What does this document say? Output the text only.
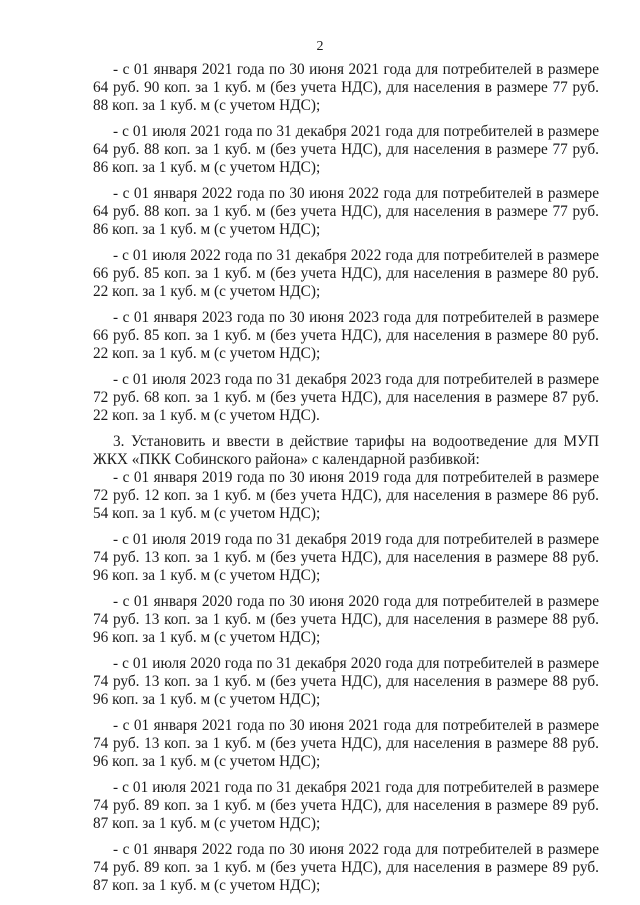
2

- с 01 января 2021 года по 30 июня 2021 года для потребителей в размере 64 руб. 90 коп. за 1 куб. м (без учета НДС), для населения в размере 77 руб. 88 коп. за 1 куб. м (с учетом НДС);

- с 01 июля 2021 года по 31 декабря 2021 года для потребителей в размере 64 руб. 88 коп. за 1 куб. м (без учета НДС), для населения в размере 77 руб. 86 коп. за 1 куб. м (с учетом НДС);

- с 01 января 2022 года по 30 июня 2022 года для потребителей в размере 64 руб. 88 коп. за 1 куб. м (без учета НДС), для населения в размере 77 руб. 86 коп. за 1 куб. м (с учетом НДС);

- с 01 июля 2022 года по 31 декабря 2022 года для потребителей в размере 66 руб. 85 коп. за 1 куб. м (без учета НДС), для населения в размере 80 руб. 22 коп. за 1 куб. м (с учетом НДС);

- с 01 января 2023 года по 30 июня 2023 года для потребителей в размере 66 руб. 85 коп. за 1 куб. м (без учета НДС), для населения в размере 80 руб. 22 коп. за 1 куб. м (с учетом НДС);

- с 01 июля 2023 года по 31 декабря 2023 года для потребителей в размере 72 руб. 68 коп. за 1 куб. м (без учета НДС), для населения в размере 87 руб. 22 коп. за 1 куб. м (с учетом НДС).

3. Установить и ввести в действие тарифы на водоотведение для МУП ЖКХ «ПКК Собинского района» с календарной разбивкой:

- с 01 января 2019 года по 30 июня 2019 года для потребителей в размере 72 руб. 12 коп. за 1 куб. м (без учета НДС), для населения в размере 86 руб. 54 коп. за 1 куб. м (с учетом НДС);

- с 01 июля 2019 года по 31 декабря 2019 года для потребителей в размере 74 руб. 13 коп. за 1 куб. м (без учета НДС), для населения в размере 88 руб. 96 коп. за 1 куб. м (с учетом НДС);

- с 01 января 2020 года по 30 июня 2020 года для потребителей в размере 74 руб. 13 коп. за 1 куб. м (без учета НДС), для населения в размере 88 руб. 96 коп. за 1 куб. м (с учетом НДС);

- с 01 июля 2020 года по 31 декабря 2020 года для потребителей в размере 74 руб. 13 коп. за 1 куб. м (без учета НДС), для населения в размере 88 руб. 96 коп. за 1 куб. м (с учетом НДС);

- с 01 января 2021 года по 30 июня 2021 года для потребителей в размере 74 руб. 13 коп. за 1 куб. м (без учета НДС), для населения в размере 88 руб. 96 коп. за 1 куб. м (с учетом НДС);

- с 01 июля 2021 года по 31 декабря 2021 года для потребителей в размере 74 руб. 89 коп. за 1 куб. м (без учета НДС), для населения в размере 89 руб. 87 коп. за 1 куб. м (с учетом НДС);

- с 01 января 2022 года по 30 июня 2022 года для потребителей в размере 74 руб. 89 коп. за 1 куб. м (без учета НДС), для населения в размере 89 руб. 87 коп. за 1 куб. м (с учетом НДС);
